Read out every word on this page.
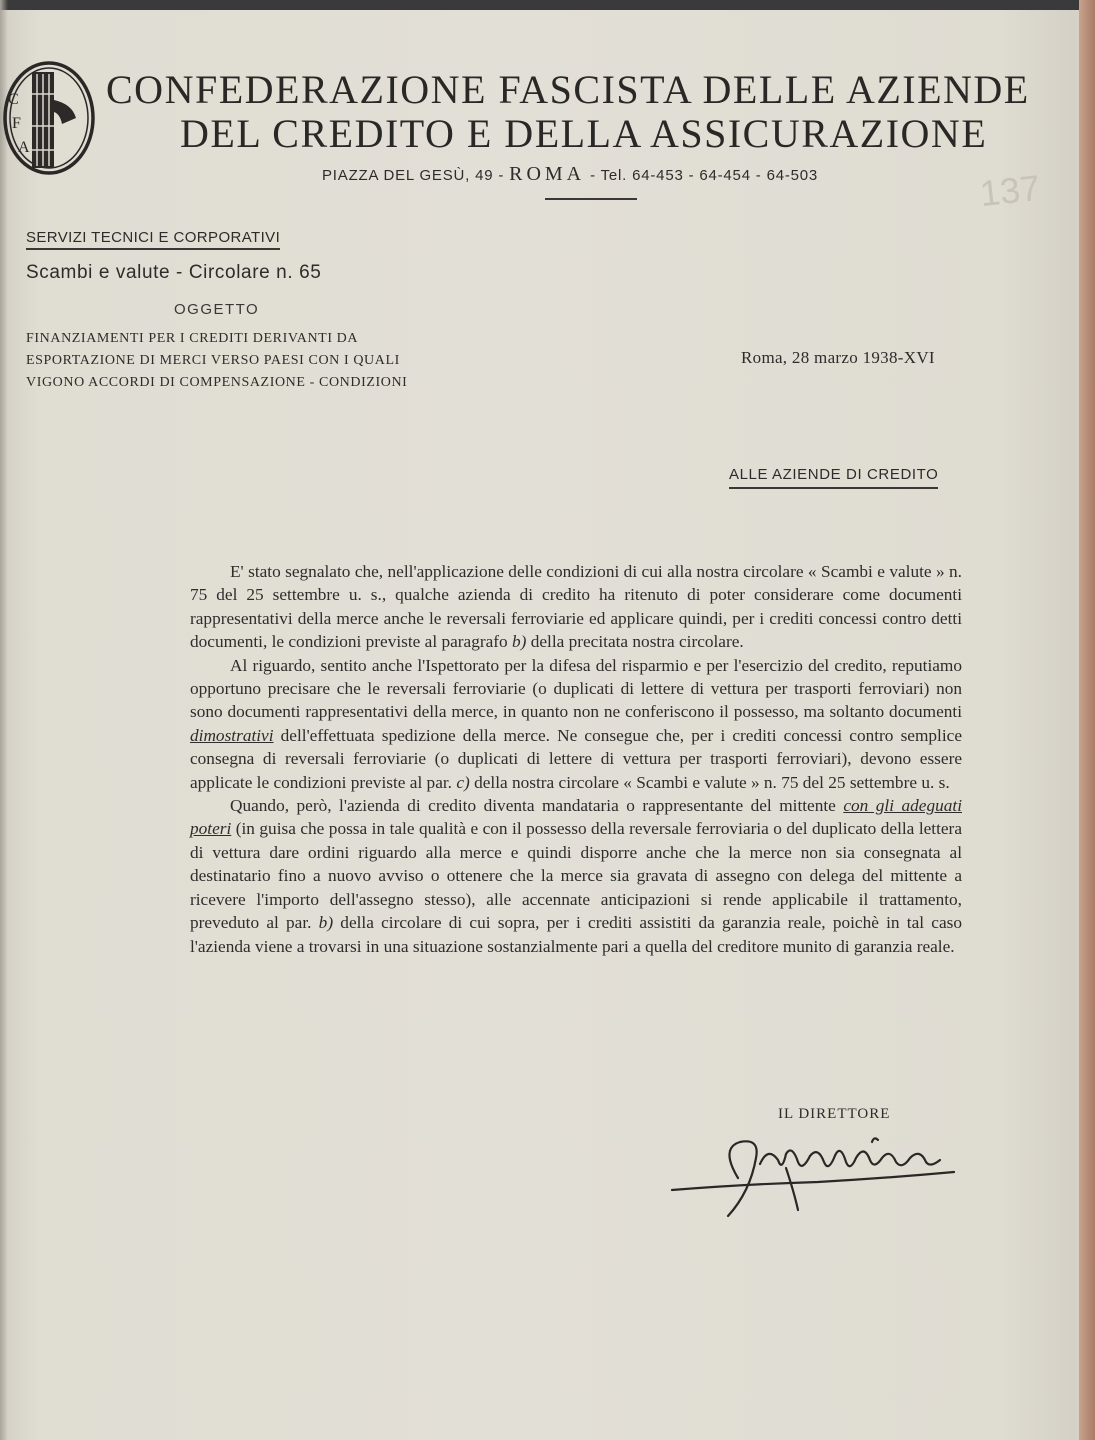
C
F
A
CONFEDERAZIONE FASCISTA DELLE AZIENDE
DEL CREDITO E DELLA ASSICURAZIONE
PIAZZA DEL GESÙ, 49 - ROMA - Tel. 64-453 - 64-454 - 64-503	137
SERVIZI TECNICI E CORPORATIVI
Scambi e valute - Circolare n. 65
OGGETTO
FINANZIAMENTI PER I CREDITI DERIVANTI DA ESPORTAZIONE DI MERCI VERSO PAESI CON I QUALI VIGONO ACCORDI DI COMPENSAZIONE - CONDIZIONI
Roma, 28 marzo 1938-XVI
ALLE AZIENDE DI CREDITO

E' stato segnalato che, nell'applicazione delle condizioni di cui alla nostra circolare « Scambi e valute » n. 75 del 25 settembre u. s., qualche azienda di credito ha ritenuto di poter considerare come documenti rappresentativi della merce anche le reversali ferroviarie ed applicare quindi, per i crediti concessi contro detti documenti, le condizioni previste al paragrafo b) della precitata nostra circolare.

Al riguardo, sentito anche l'Ispettorato per la difesa del risparmio e per l'esercizio del credito, reputiamo opportuno precisare che le reversali ferroviarie (o duplicati di lettere di vettura per trasporti ferroviari) non sono documenti rappresentativi della merce, in quanto non ne conferiscono il possesso, ma soltanto documenti dimostrativi dell'effettuata spedizione della merce. Ne consegue che, per i crediti concessi contro semplice consegna di reversali ferroviarie (o duplicati di lettere di vettura per trasporti ferroviari), devono essere applicate le condizioni previste al par. c) della nostra circolare « Scambi e valute » n. 75 del 25 settembre u. s.

Quando, però, l'azienda di credito diventa mandataria o rappresentante del mittente con gli adeguati poteri (in guisa che possa in tale qualità e con il possesso della reversale ferroviaria o del duplicato della lettera di vettura dare ordini riguardo alla merce e quindi disporre anche che la merce non sia consegnata al destinatario fino a nuovo avviso o ottenere che la merce sia gravata di assegno con delega del mittente a ricevere l'importo dell'assegno stesso), alle accennate anticipazioni si rende applicabile il trattamento, preveduto al par. b) della circolare di cui sopra, per i crediti assistiti da garanzia reale, poichè in tal caso l'azienda viene a trovarsi in una situazione sostanzialmente pari a quella del creditore munito di garanzia reale.

IL DIRETTORE
